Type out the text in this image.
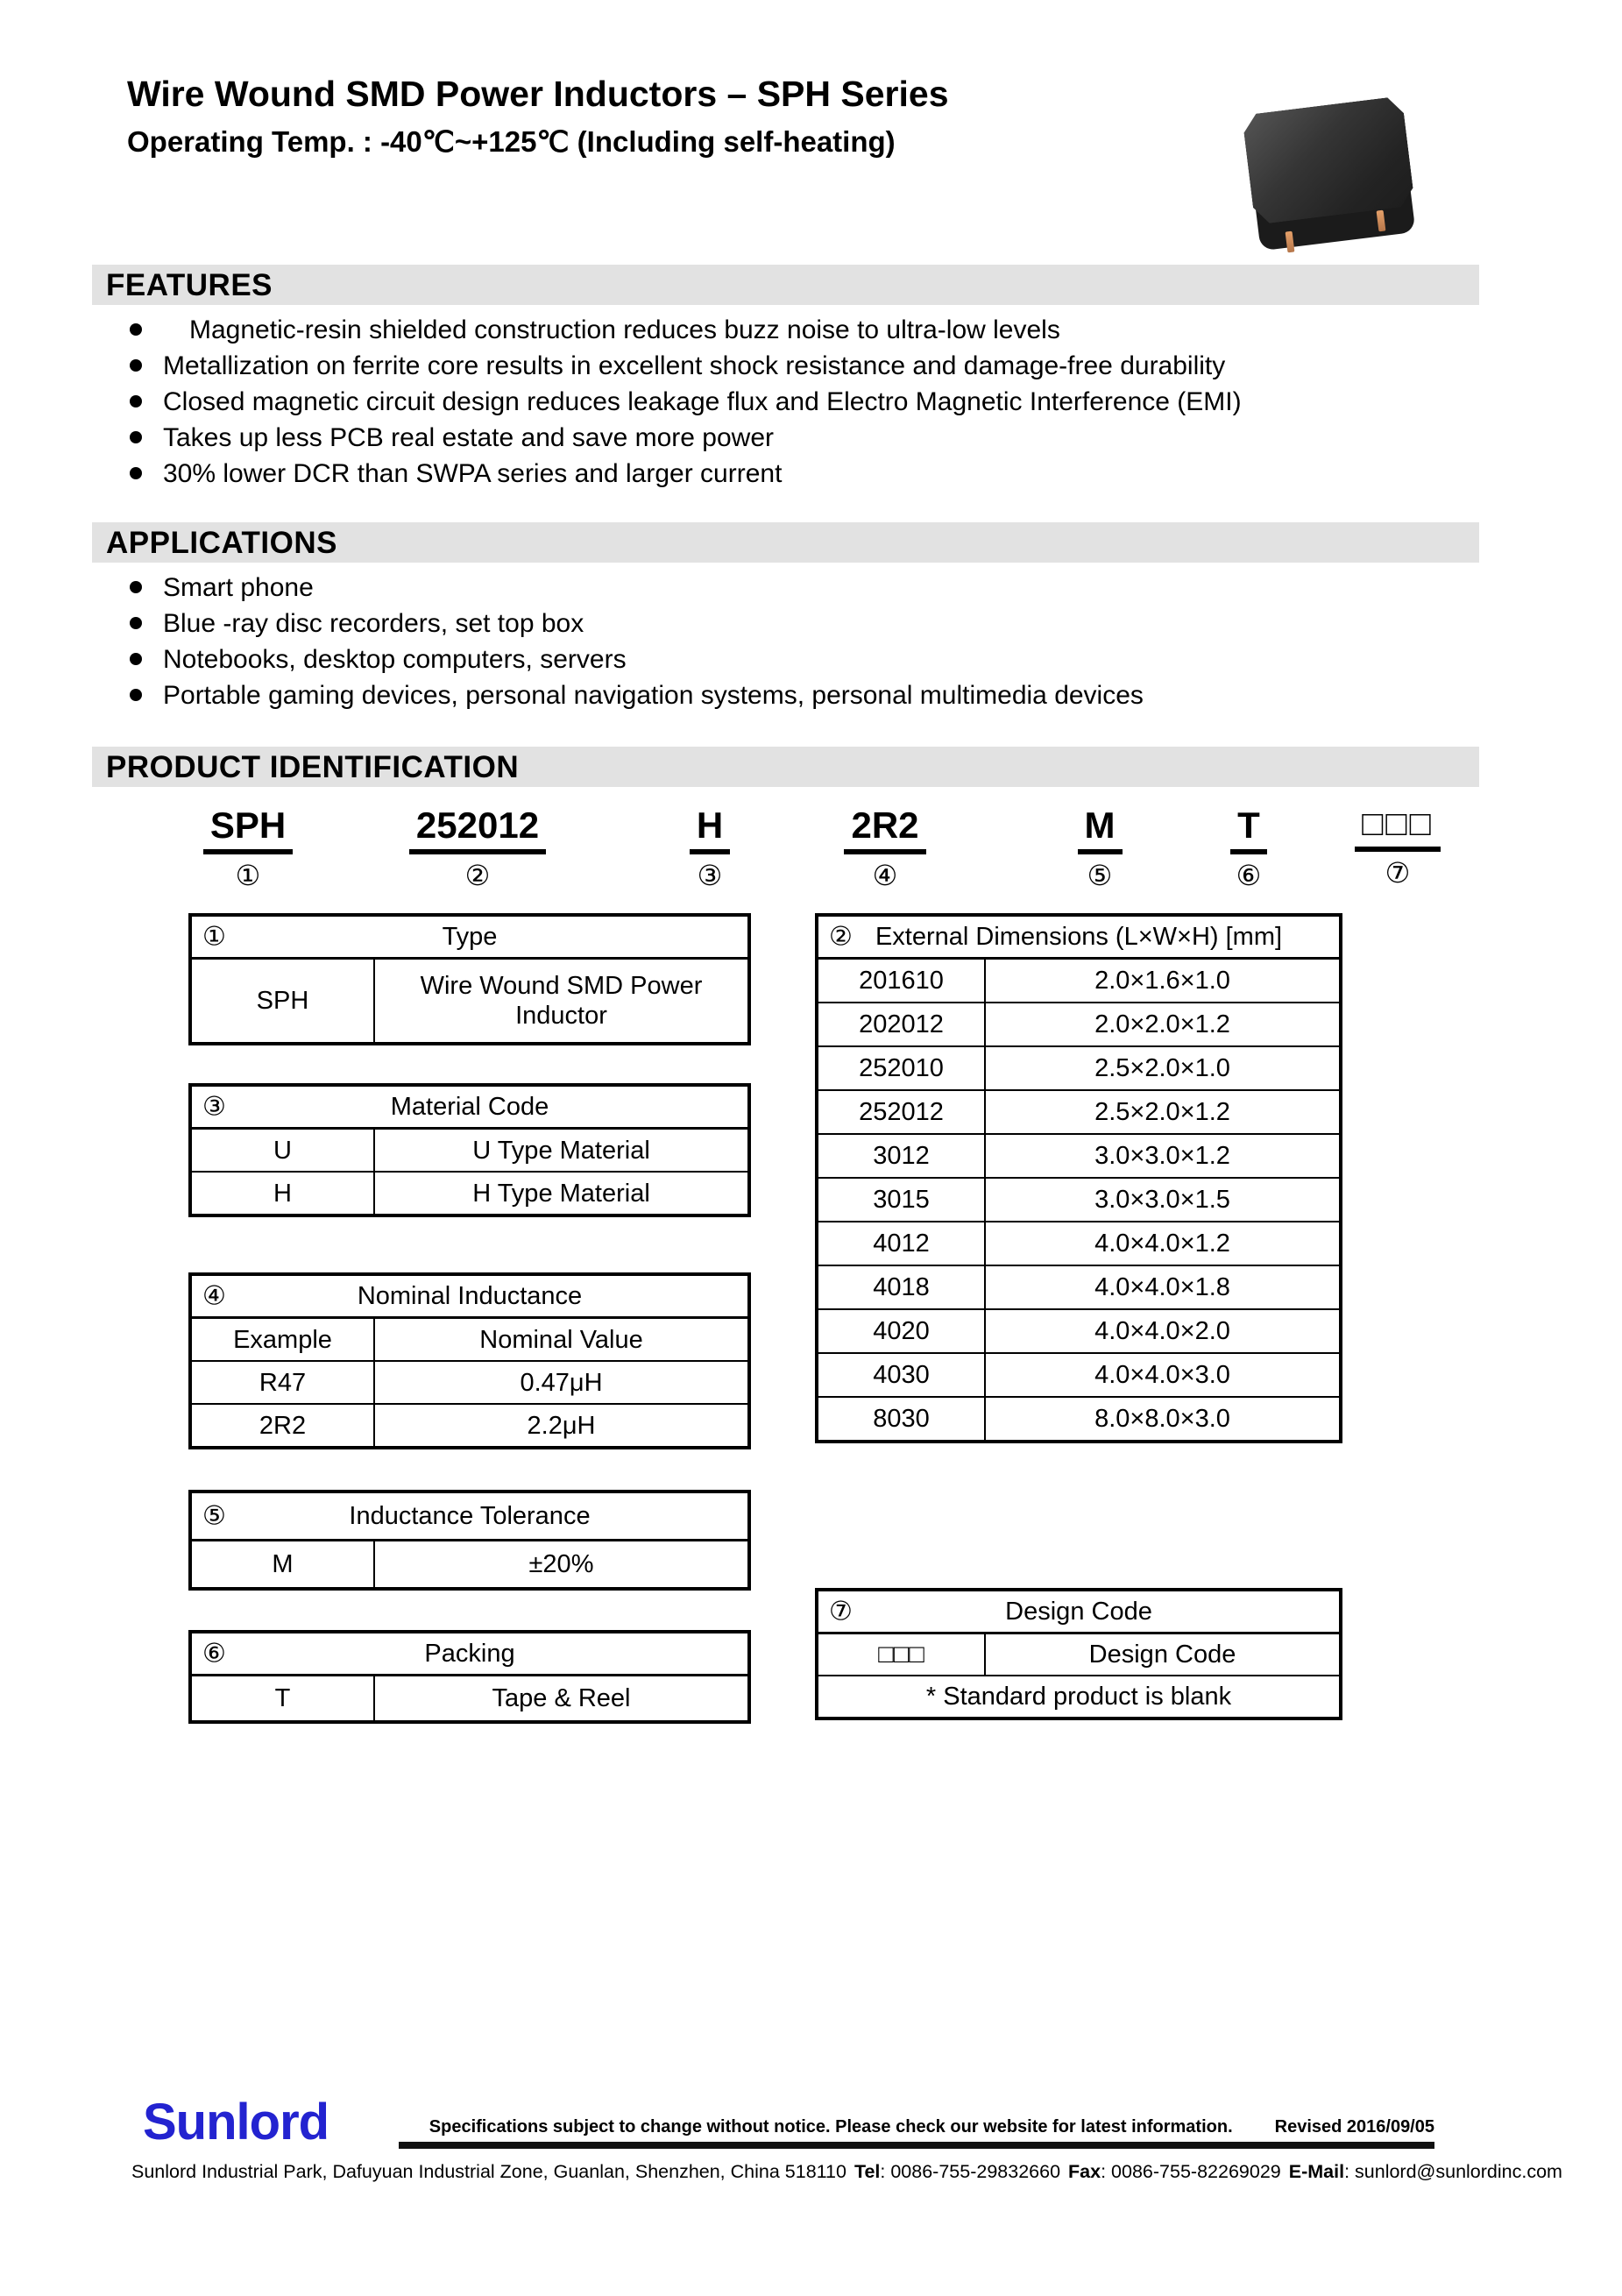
Wire Wound SMD Power Inductors – SPH Series
Operating Temp. : -40℃~+125℃ (Including self-heating)
FEATURES
Magnetic-resin shielded construction reduces buzz noise to ultra-low levels
Metallization on ferrite core results in excellent shock resistance and damage-free durability
Closed magnetic circuit design reduces leakage flux and Electro Magnetic Interference (EMI)
Takes up less PCB real estate and save more power
30% lower DCR than SWPA series and larger current
APPLICATIONS
Smart phone
Blue -ray disc recorders, set top box
Notebooks, desktop computers, servers
Portable gaming devices, personal navigation systems, personal multimedia devices
PRODUCT IDENTIFICATION
SPH
①
252012
②
H
③
2R2
④
M
⑤
T
⑥
□□□
⑦
①	Type
SPH	Wire Wound SMD Power Inductor
③ Material Code	
U	U Type Material
H	H Type Material
④ Nominal Inductance	
Example	Nominal Value
R47	0.47μH
2R2	2.2μH
⑤	Inductance Tolerance
M	±20%
⑥	Packing
T	Tape & Reel
② External Dimensions (L×W×H) [mm]	
201610	2.0×1.6×1.0
202012	2.0×2.0×1.2
252010	2.5×2.0×1.0
252012	2.5×2.0×1.2
3012	3.0×3.0×1.2
3015	3.0×3.0×1.5
4012	4.0×4.0×1.2
4018	4.0×4.0×1.8
4020	4.0×4.0×2.0
4030	4.0×4.0×3.0
8030	8.0×8.0×3.0
⑦	Design Code
□□□	Design Code
* Standard product is blank
Sunlord	Specifications subject to change without notice. Please check our website for latest information. Revised 2016/09/05
Sunlord Industrial Park, Dafuyuan Industrial Zone, Guanlan, Shenzhen, China 518110 Tel: 0086-755-29832660 Fax: 0086-755-82269029 E-Mail: sunlord@sunlordinc.com
